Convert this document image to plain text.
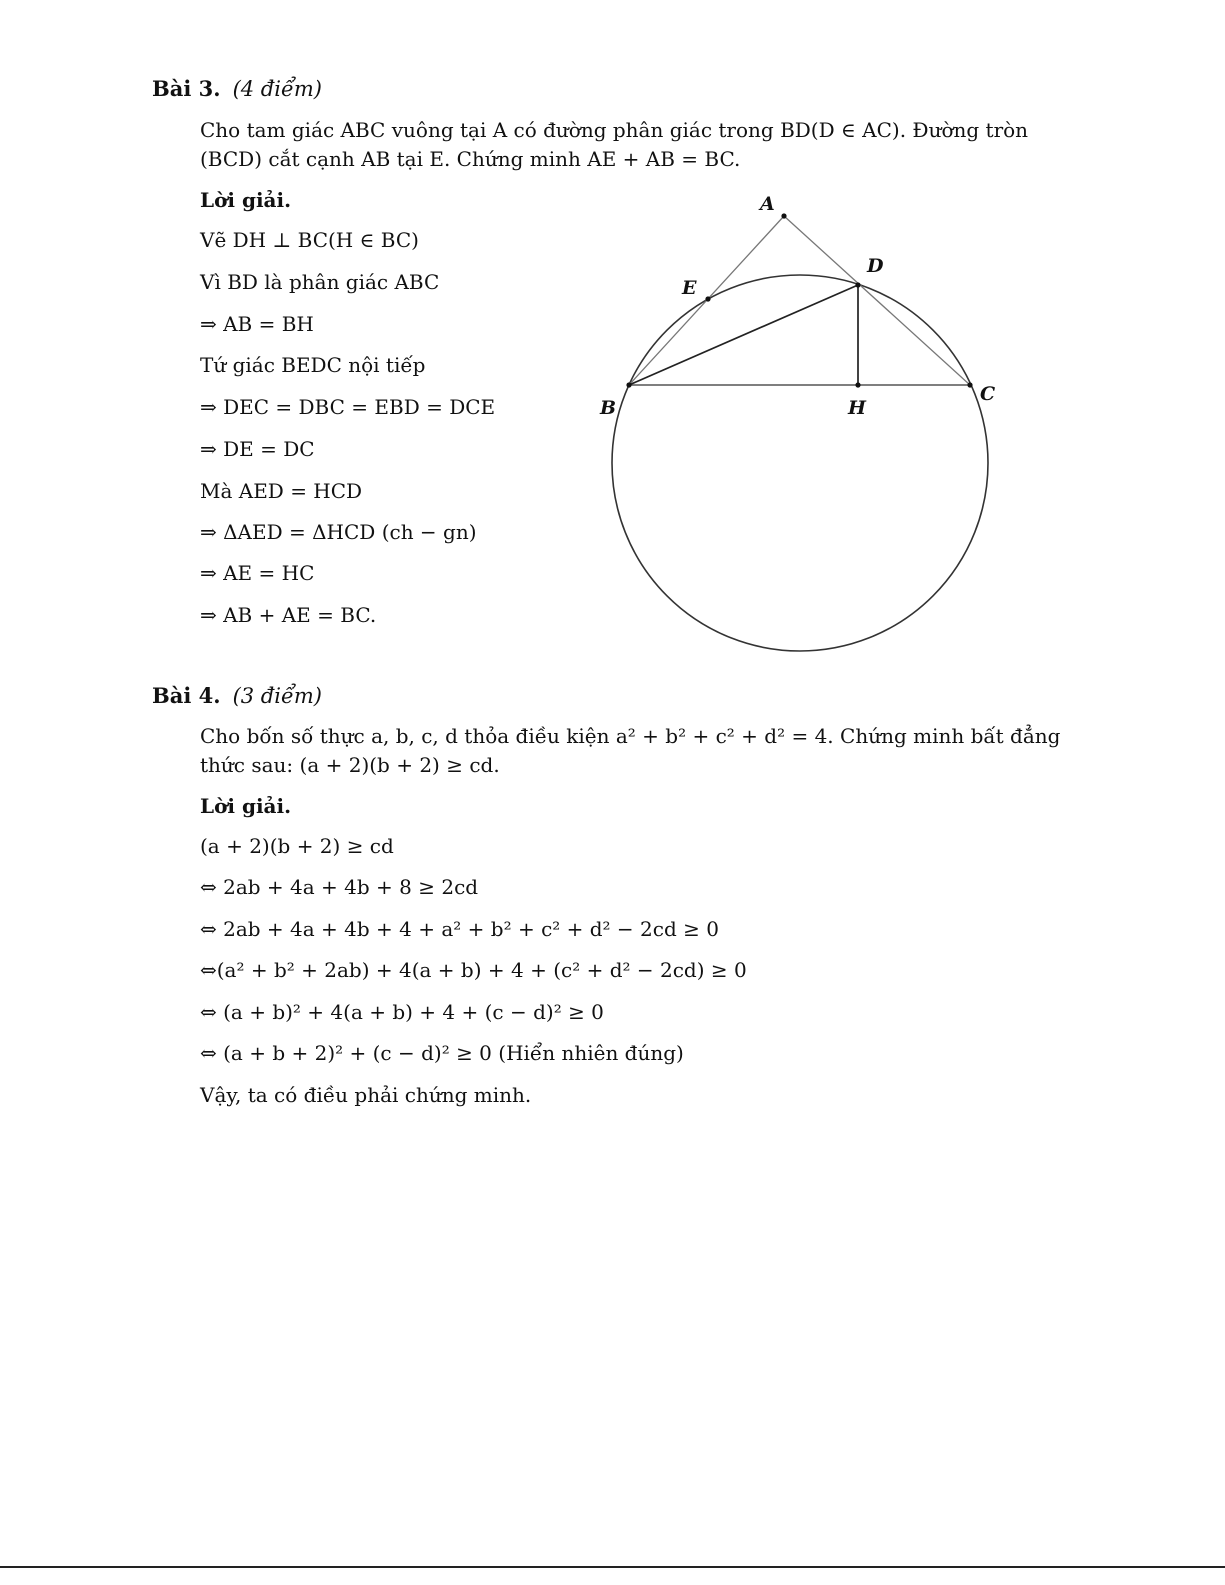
Bài 3. (4 điểm)
Cho tam giác ABC vuông tại A có đường phân giác trong BD(D ∈ AC). Đường tròn
(BCD) cắt cạnh AB tại E. Chứng minh AE + AB = BC.
Lời giải.
Vẽ DH ⊥ BC(H ∈ BC)
Vì BD là phân giác ABC
⇒ AB = BH
Tứ giác BEDC nội tiếp
⇒ DEC = DBC = EBD = DCE
⇒ DE = DC
Mà AED = HCD
⇒ ΔAED = ΔHCD (ch − gn)
⇒ AE = HC
⇒ AB + AE = BC.
A
E
D
B	H
C
Bài 4. (3 điểm)
Cho bốn số thực a, b, c, d thỏa điều kiện a² + b² + c² + d² = 4. Chứng minh bất đẳng
thức sau: (a + 2)(b + 2) ≥ cd.
Lời giải.
(a + 2)(b + 2) ≥ cd
⇔ 2ab + 4a + 4b + 8 ≥ 2cd
⇔ 2ab + 4a + 4b + 4 + a² + b² + c² + d² − 2cd ≥ 0
⇔(a² + b² + 2ab) + 4(a + b) + 4 + (c² + d² − 2cd) ≥ 0
⇔ (a + b)² + 4(a + b) + 4 + (c − d)² ≥ 0
⇔ (a + b + 2)² + (c − d)² ≥ 0 (Hiển nhiên đúng)
Vậy, ta có điều phải chứng minh.
